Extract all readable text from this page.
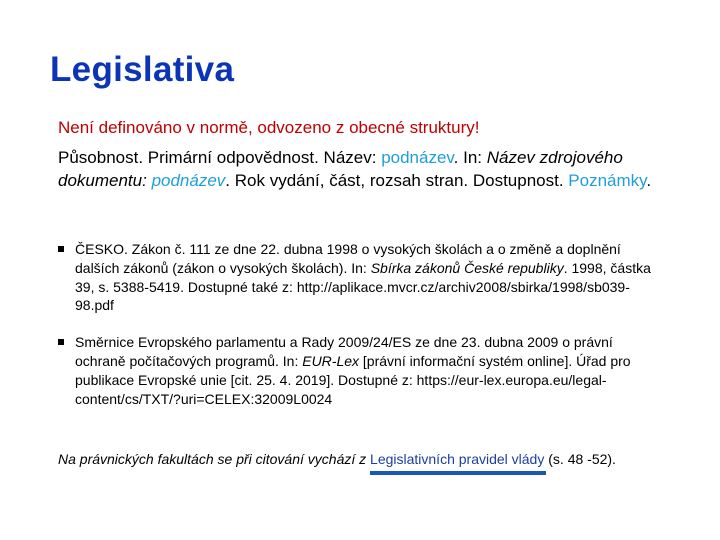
Legislativa
Není definováno v normě, odvozeno z obecné struktury!
Působnost. Primární odpovědnost. Název: podnázev. In: Název zdrojového dokumentu: podnázev. Rok vydání, část, rozsah stran. Dostupnost. Poznámky.
ČESKO. Zákon č. 111 ze dne 22. dubna 1998 o vysokých školách a o změně a doplnění dalších zákonů (zákon o vysokých školách). In: Sbírka zákonů České republiky. 1998, částka 39, s. 5388-5419. Dostupné také z: http://aplikace.mvcr.cz/archiv2008/sbirka/1998/sb039-98.pdf
Směrnice Evropského parlamentu a Rady 2009/24/ES ze dne 23. dubna 2009 o právní ochraně počítačových programů. In: EUR-Lex [právní informační systém online]. Úřad pro publikace Evropské unie [cit. 25. 4. 2019]. Dostupné z: https://eur-lex.europa.eu/legal-content/cs/TXT/?uri=CELEX:32009L0024
Na právnických fakultách se při citování vychází z Legislativních pravidel vlády (s. 48 -52).
